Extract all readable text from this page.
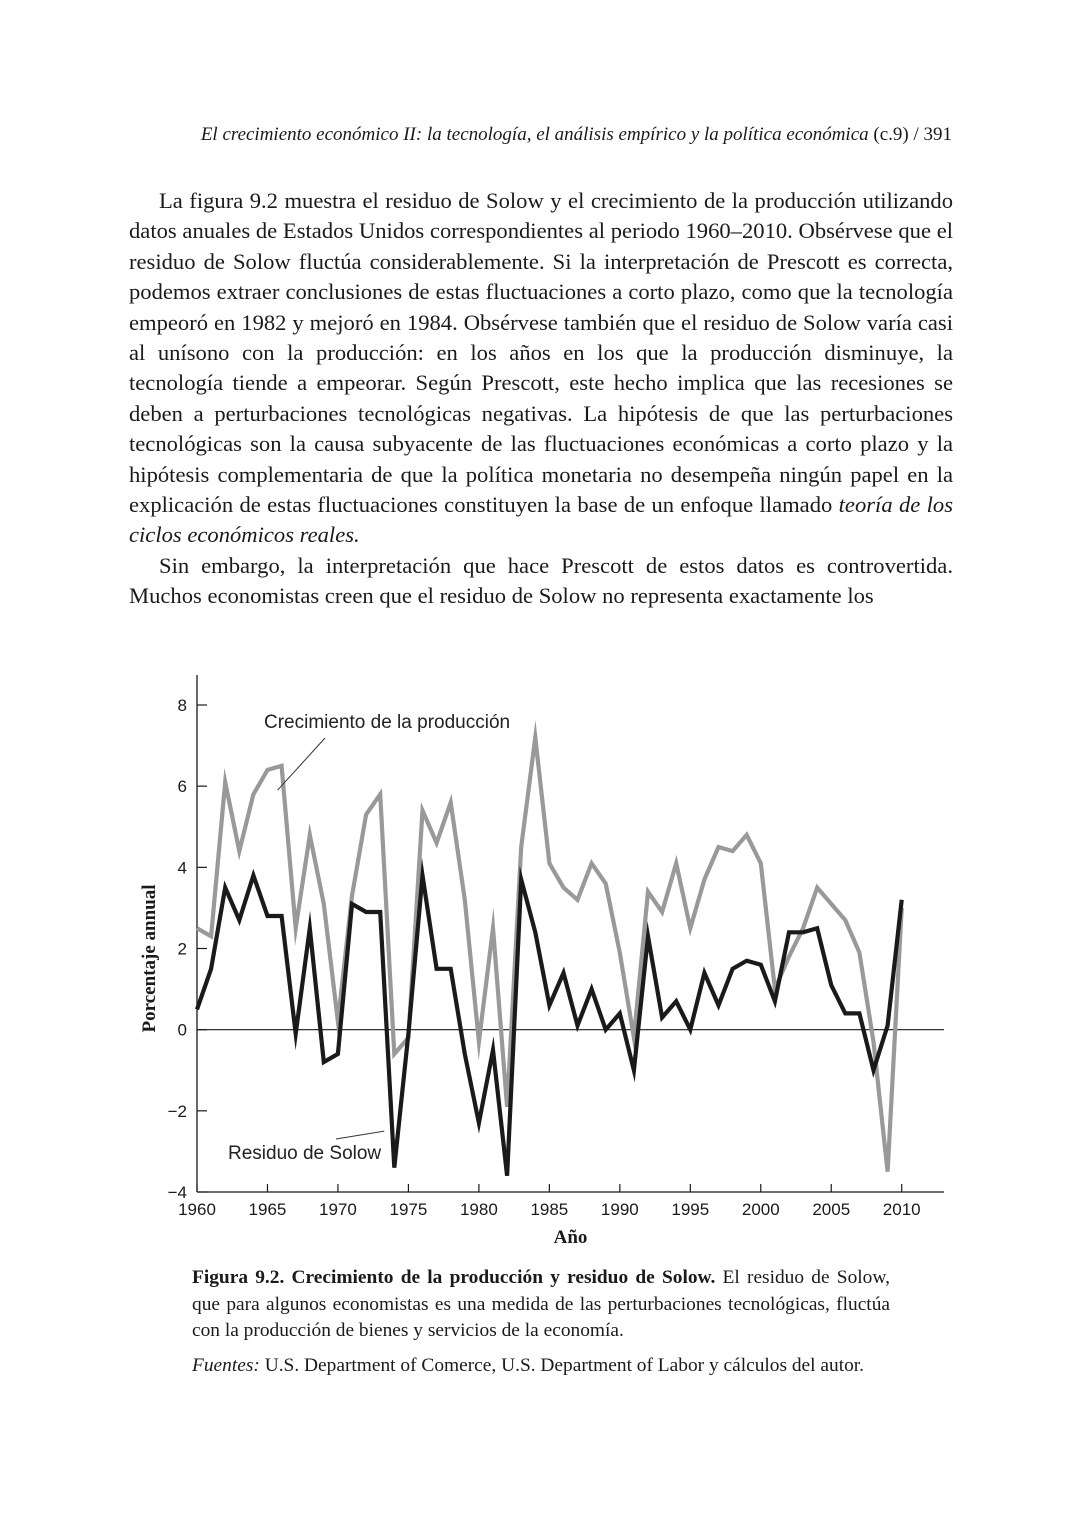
El crecimiento económico II: la tecnología, el análisis empírico y la política económica (c.9) / 391

La figura 9.2 muestra el residuo de Solow y el crecimiento de la producción utilizando datos anuales de Estados Unidos correspondientes al periodo 1960–2010. Obsérvese que el residuo de Solow fluctúa considerablemente. Si la interpretación de Prescott es correcta, podemos extraer conclusiones de estas fluctuaciones a corto plazo, como que la tecnología empeoró en 1982 y mejoró en 1984. Obsérvese también que el residuo de Solow varía casi al unísono con la producción: en los años en los que la producción disminuye, la tecnología tiende a empeorar. Según Prescott, este hecho implica que las recesiones se deben a perturbaciones tecnológicas negativas. La hipótesis de que las perturbaciones tecnológicas son la causa subyacente de las fluctuaciones económicas a corto plazo y la hipótesis complementaria de que la política monetaria no desempeña ningún papel en la explicación de estas fluctuaciones constituyen la base de un enfoque llamado teoría de los ciclos económicos reales.

Sin embargo, la interpretación que hace Prescott de estos datos es controvertida. Muchos economistas creen que el residuo de Solow no representa exactamente los

8
6
4
2
0
−2
−4
1960 1965 1970 1975 1980 1985 1990 1995 2000 2005 2010
Año
Porcentaje annual
Crecimiento de la producción
Residuo de Solow

Figura 9.2. Crecimiento de la producción y residuo de Solow. El residuo de Solow, que para algunos economistas es una medida de las perturbaciones tecnológicas, fluctúa con la producción de bienes y servicios de la economía.

Fuentes: U.S. Department of Comerce, U.S. Department of Labor y cálculos del autor.
